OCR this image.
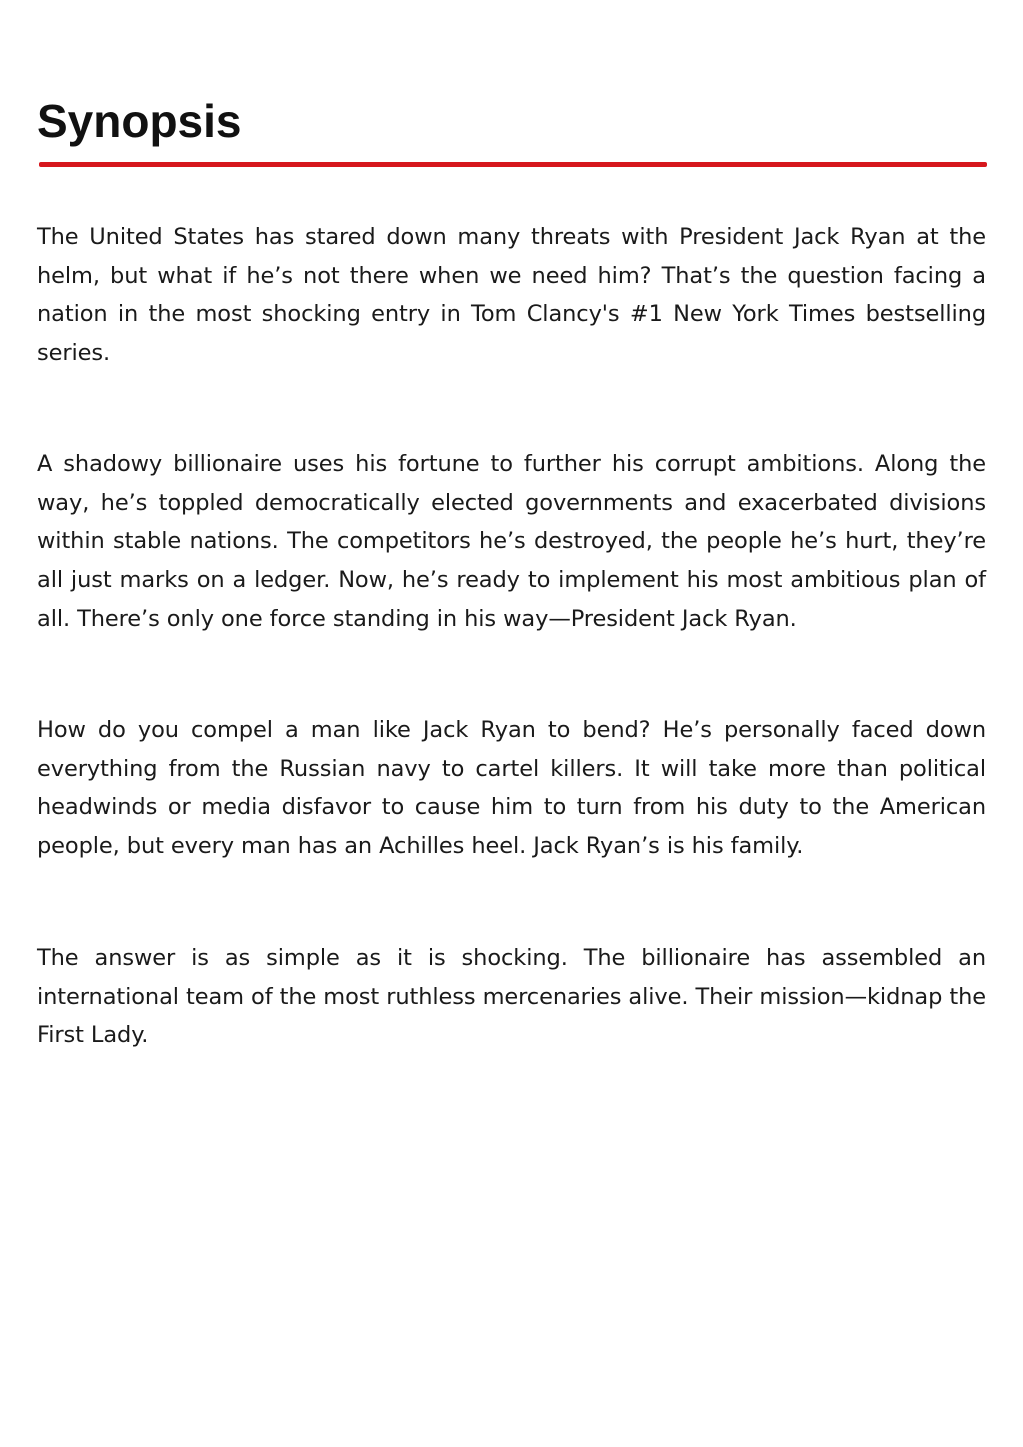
Synopsis

The United States has stared down many threats with President Jack Ryan at the helm, but what if he’s not there when we need him? That’s the question facing a nation in the most shocking entry in Tom Clancy's #1 New York Times bestselling series.

A shadowy billionaire uses his fortune to further his corrupt ambitions. Along the way, he’s toppled democratically elected governments and exacerbated divisions within stable nations. The competitors he’s destroyed, the people he’s hurt, they’re all just marks on a ledger. Now, he’s ready to implement his most ambitious plan of all. There’s only one force standing in his way—President Jack Ryan.

How do you compel a man like Jack Ryan to bend? He’s personally faced down everything from the Russian navy to cartel killers. It will take more than political headwinds or media disfavor to cause him to turn from his duty to the American people, but every man has an Achilles heel. Jack Ryan’s is his family.

The answer is as simple as it is shocking. The billionaire has assembled an international team of the most ruthless mercenaries alive. Their mission—kidnap the First Lady.
